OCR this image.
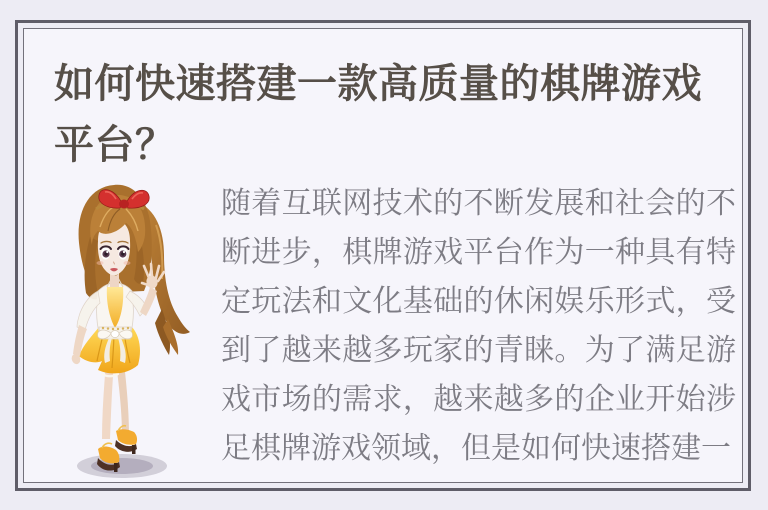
如何快速搭建一款高质量的棋牌游戏平台？

随着互联网技术的不断发展和社会的不断进步，棋牌游戏平台作为一种具有特定玩法和文化基础的休闲娱乐形式，受到了越来越多玩家的青睐。为了满足游戏市场的需求，越来越多的企业开始涉足棋牌游戏领域，但是如何快速搭建一
